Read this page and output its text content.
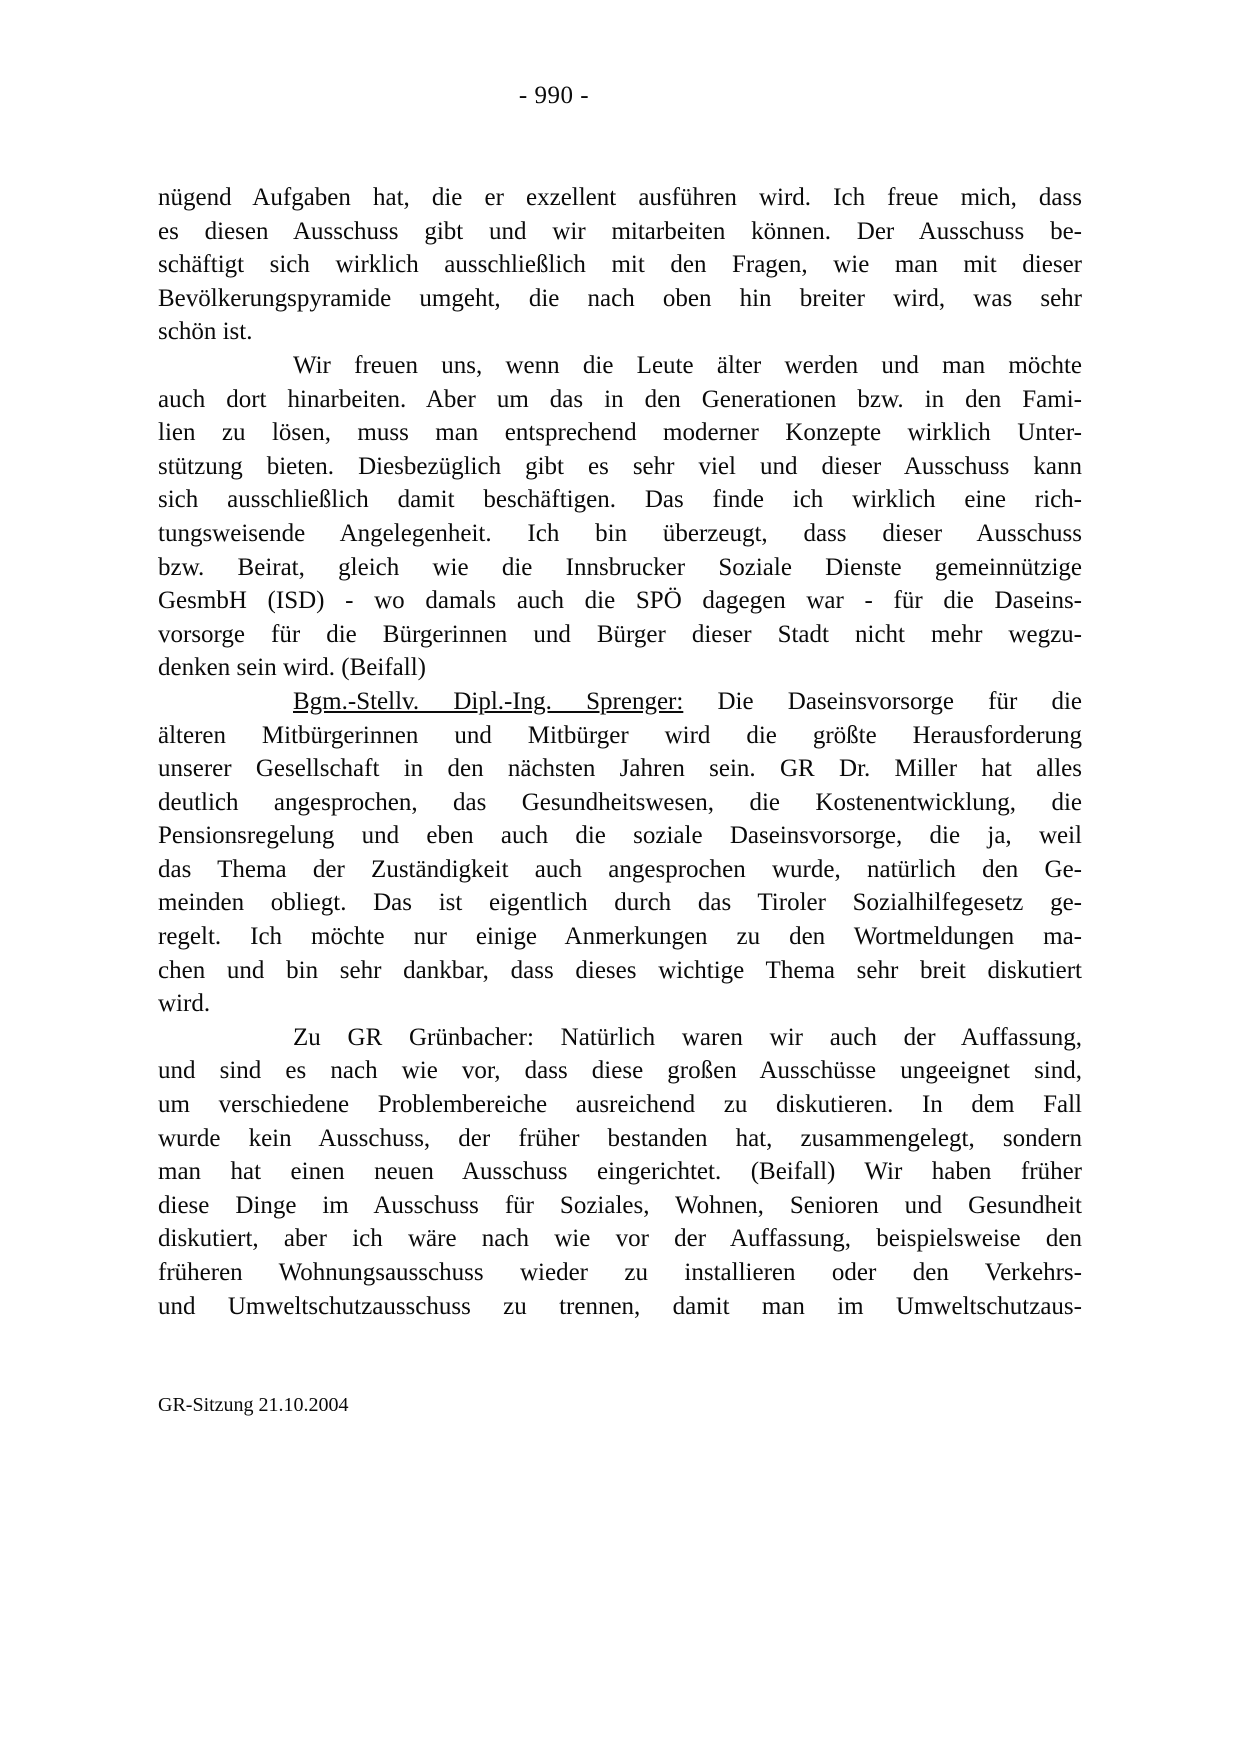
- 990 -
nügend Aufgaben hat, die er exzellent ausführen wird. Ich freue mich, dass
es diesen Ausschuss gibt und wir mitarbeiten können. Der Ausschuss be-
schäftigt sich wirklich ausschließlich mit den Fragen, wie man mit dieser
Bevölkerungspyramide umgeht, die nach oben hin breiter wird, was sehr
schön ist.
Wir freuen uns, wenn die Leute älter werden und man möchte
auch dort hinarbeiten. Aber um das in den Generationen bzw. in den Fami-
lien zu lösen, muss man entsprechend moderner Konzepte wirklich Unter-
stützung bieten. Diesbezüglich gibt es sehr viel und dieser Ausschuss kann
sich ausschließlich damit beschäftigen. Das finde ich wirklich eine rich-
tungsweisende Angelegenheit. Ich bin überzeugt, dass dieser Ausschuss
bzw. Beirat, gleich wie die Innsbrucker Soziale Dienste gemeinnützige
GesmbH (ISD) - wo damals auch die SPÖ dagegen war - für die Daseins-
vorsorge für die Bürgerinnen und Bürger dieser Stadt nicht mehr wegzu-
denken sein wird. (Beifall)
Bgm.-Stellv. Dipl.-Ing. Sprenger: Die Daseinsvorsorge für die
älteren Mitbürgerinnen und Mitbürger wird die größte Herausforderung
unserer Gesellschaft in den nächsten Jahren sein. GR Dr. Miller hat alles
deutlich angesprochen, das Gesundheitswesen, die Kostenentwicklung, die
Pensionsregelung und eben auch die soziale Daseinsvorsorge, die ja, weil
das Thema der Zuständigkeit auch angesprochen wurde, natürlich den Ge-
meinden obliegt. Das ist eigentlich durch das Tiroler Sozialhilfegesetz ge-
regelt. Ich möchte nur einige Anmerkungen zu den Wortmeldungen ma-
chen und bin sehr dankbar, dass dieses wichtige Thema sehr breit diskutiert
wird.
Zu GR Grünbacher: Natürlich waren wir auch der Auffassung,
und sind es nach wie vor, dass diese großen Ausschüsse ungeeignet sind,
um verschiedene Problembereiche ausreichend zu diskutieren. In dem Fall
wurde kein Ausschuss, der früher bestanden hat, zusammengelegt, sondern
man hat einen neuen Ausschuss eingerichtet. (Beifall) Wir haben früher
diese Dinge im Ausschuss für Soziales, Wohnen, Senioren und Gesundheit
diskutiert, aber ich wäre nach wie vor der Auffassung, beispielsweise den
früheren Wohnungsausschuss wieder zu installieren oder den Verkehrs-
und Umweltschutzausschuss zu trennen, damit man im Umweltschutzaus-
GR-Sitzung 21.10.2004
